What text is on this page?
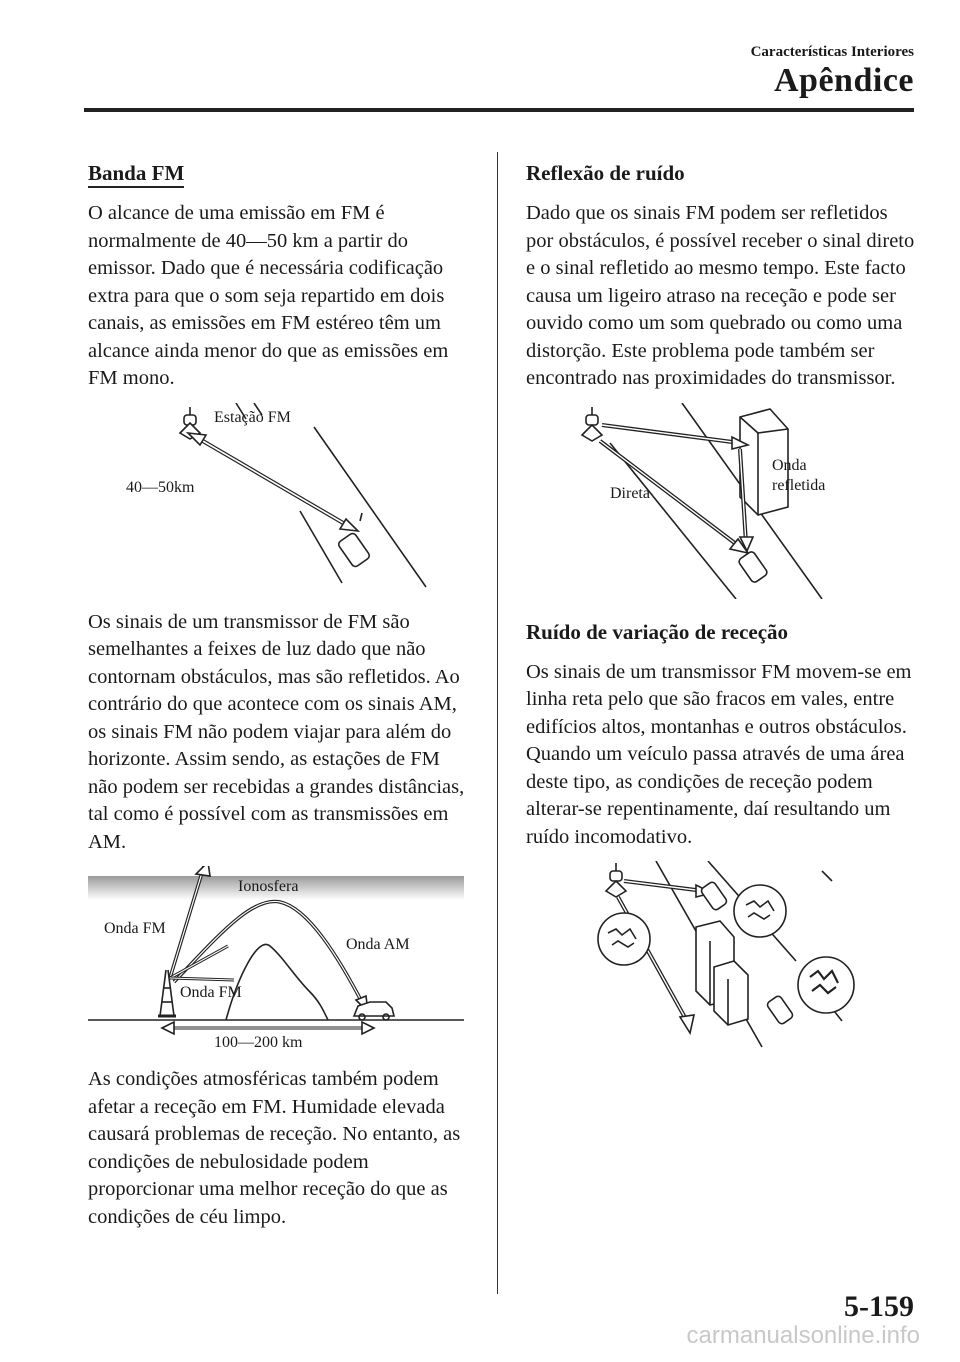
Características Interiores
Apêndice
Banda FM

O alcance de uma emissão em FM é normalmente de 40―50 km a partir do emissor. Dado que é necessária codificação extra para que o som seja repartido em dois canais, as emissões em FM estéreo têm um alcance ainda menor do que as emissões em FM mono.

Estação FM
40―50km

Os sinais de um transmissor de FM são semelhantes a feixes de luz dado que não contornam obstáculos, mas são refletidos. Ao contrário do que acontece com os sinais AM, os sinais FM não podem viajar para além do horizonte. Assim sendo, as estações de FM não podem ser recebidas a grandes distâncias, tal como é possível com as transmissões em AM.

Ionosfera
Onda FM
Onda FM
Onda AM
100―200 km

As condições atmosféricas também podem afetar a receção em FM. Humidade elevada causará problemas de receção. No entanto, as condições de nebulosidade podem proporcionar uma melhor receção do que as condições de céu limpo.

Reflexão de ruído

Dado que os sinais FM podem ser refletidos por obstáculos, é possível receber o sinal direto e o sinal refletido ao mesmo tempo. Este facto causa um ligeiro atraso na receção e pode ser ouvido como um som quebrado ou como uma distorção. Este problema pode também ser encontrado nas proximidades do transmissor.

Direta
Onda
refletida
Ruído de variação de receção

Os sinais de um transmissor FM movem-se em linha reta pelo que são fracos em vales, entre edifícios altos, montanhas e outros obstáculos. Quando um veículo passa através de uma área deste tipo, as condições de receção podem alterar-se repentinamente, daí resultando um ruído incomodativo.

5-159
carmanualsonline.info
